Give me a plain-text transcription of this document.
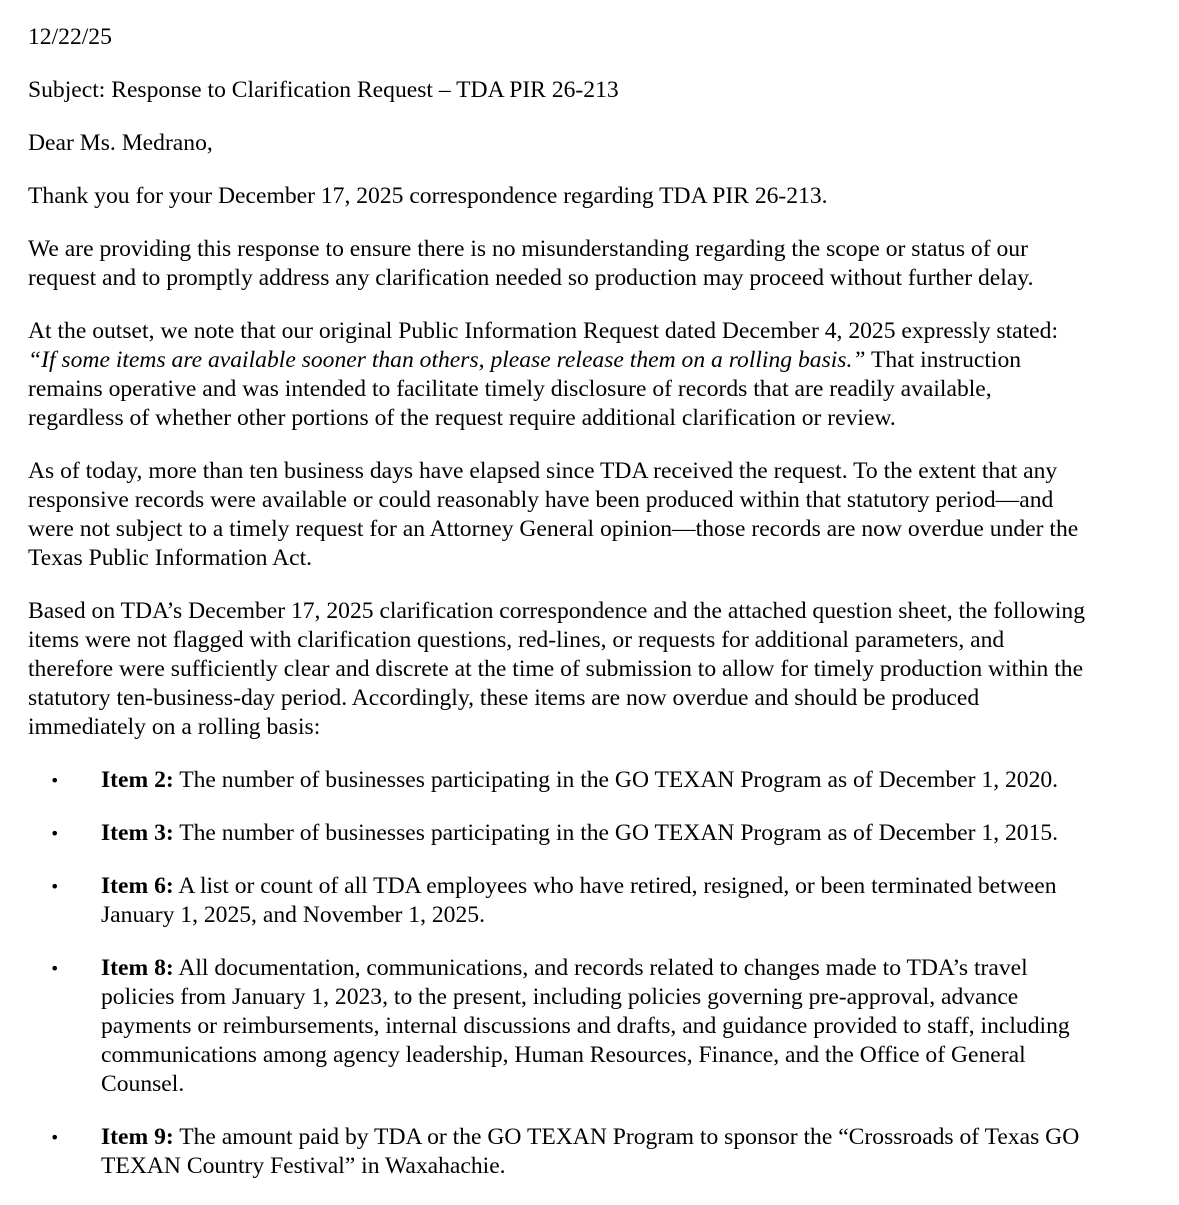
12/22/25

Subject: Response to Clarification Request – TDA PIR 26-213

Dear Ms. Medrano,

Thank you for your December 17, 2025 correspondence regarding TDA PIR 26-213.

We are providing this response to ensure there is no misunderstanding regarding the scope or status of our
request and to promptly address any clarification needed so production may proceed without further delay.
At the outset, we note that our original Public Information Request dated December 4, 2025 expressly stated:
“If some items are available sooner than others, please release them on a rolling basis.” That instruction
remains operative and was intended to facilitate timely disclosure of records that are readily available,
regardless of whether other portions of the request require additional clarification or review.
As of today, more than ten business days have elapsed since TDA received the request. To the extent that any
responsive records were available or could reasonably have been produced within that statutory period—and
were not subject to a timely request for an Attorney General opinion—those records are now overdue under the
Texas Public Information Act.
Based on TDA’s December 17, 2025 clarification correspondence and the attached question sheet, the following
items were not flagged with clarification questions, red-lines, or requests for additional parameters, and
therefore were sufficiently clear and discrete at the time of submission to allow for timely production within the
statutory ten-business-day period. Accordingly, these items are now overdue and should be produced
immediately on a rolling basis:
• Item 2: The number of businesses participating in the GO TEXAN Program as of December 1, 2020.
• Item 3: The number of businesses participating in the GO TEXAN Program as of December 1, 2015.
• Item 6: A list or count of all TDA employees who have retired, resigned, or been terminated between
January 1, 2025, and November 1, 2025.
• Item 8: All documentation, communications, and records related to changes made to TDA’s travel
policies from January 1, 2023, to the present, including policies governing pre-approval, advance
payments or reimbursements, internal discussions and drafts, and guidance provided to staff, including
communications among agency leadership, Human Resources, Finance, and the Office of General
Counsel.
• Item 9: The amount paid by TDA or the GO TEXAN Program to sponsor the “Crossroads of Texas GO
TEXAN Country Festival” in Waxahachie.
